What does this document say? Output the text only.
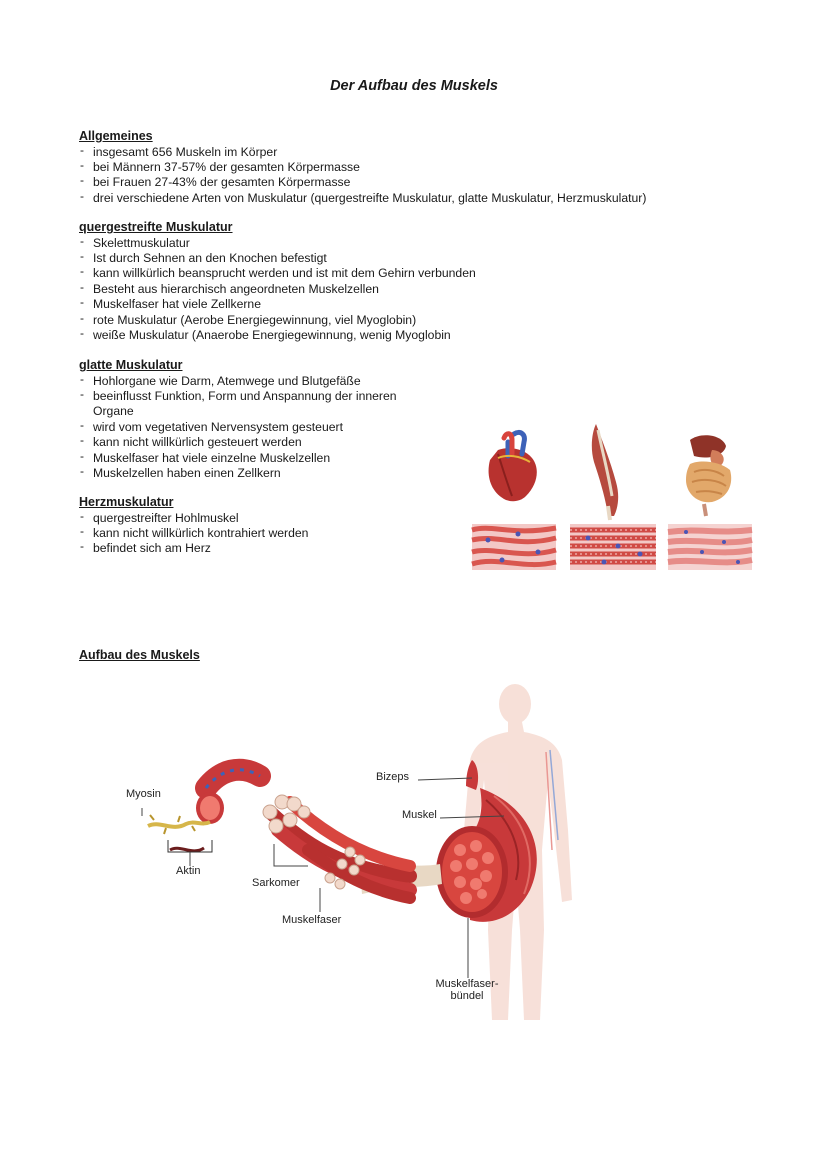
Der Aufbau des Muskels

Allgemeines

- insgesamt 656 Muskeln im Körper
- bei Männern 37-57% der gesamten Körpermasse
- bei Frauen 27-43% der gesamten Körpermasse
- drei verschiedene Arten von Muskulatur (quergestreifte Muskulatur, glatte Muskulatur, Herzmuskulatur)

quergestreifte Muskulatur

- Skelettmuskulatur
- Ist durch Sehnen an den Knochen befestigt
- kann willkürlich beansprucht werden und ist mit dem Gehirn verbunden
- Besteht aus hierarchisch angeordneten Muskelzellen
- Muskelfaser hat viele Zellkerne
- rote Muskulatur (Aerobe Energiegewinnung, viel Myoglobin)
- weiße Muskulatur (Anaerobe Energiegewinnung, wenig Myoglobin

glatte Muskulatur

- Hohlorgane wie Darm, Atemwege und Blutgefäße
- beeinflusst Funktion, Form und Anspannung der inneren Organe
- wird vom vegetativen Nervensystem gesteuert
- kann nicht willkürlich gesteuert werden
- Muskelfaser hat viele einzelne Muskelzellen
- Muskelzellen haben einen Zellkern

Herzmuskulatur

- quergestreifter Hohlmuskel
- kann nicht willkürlich kontrahiert werden
- befindet sich am Herz

Aufbau des Muskels

Myosin
Aktin
Sarkomer
Muskelfaser
Bizeps
Muskel
Muskelfaser-
bündel
